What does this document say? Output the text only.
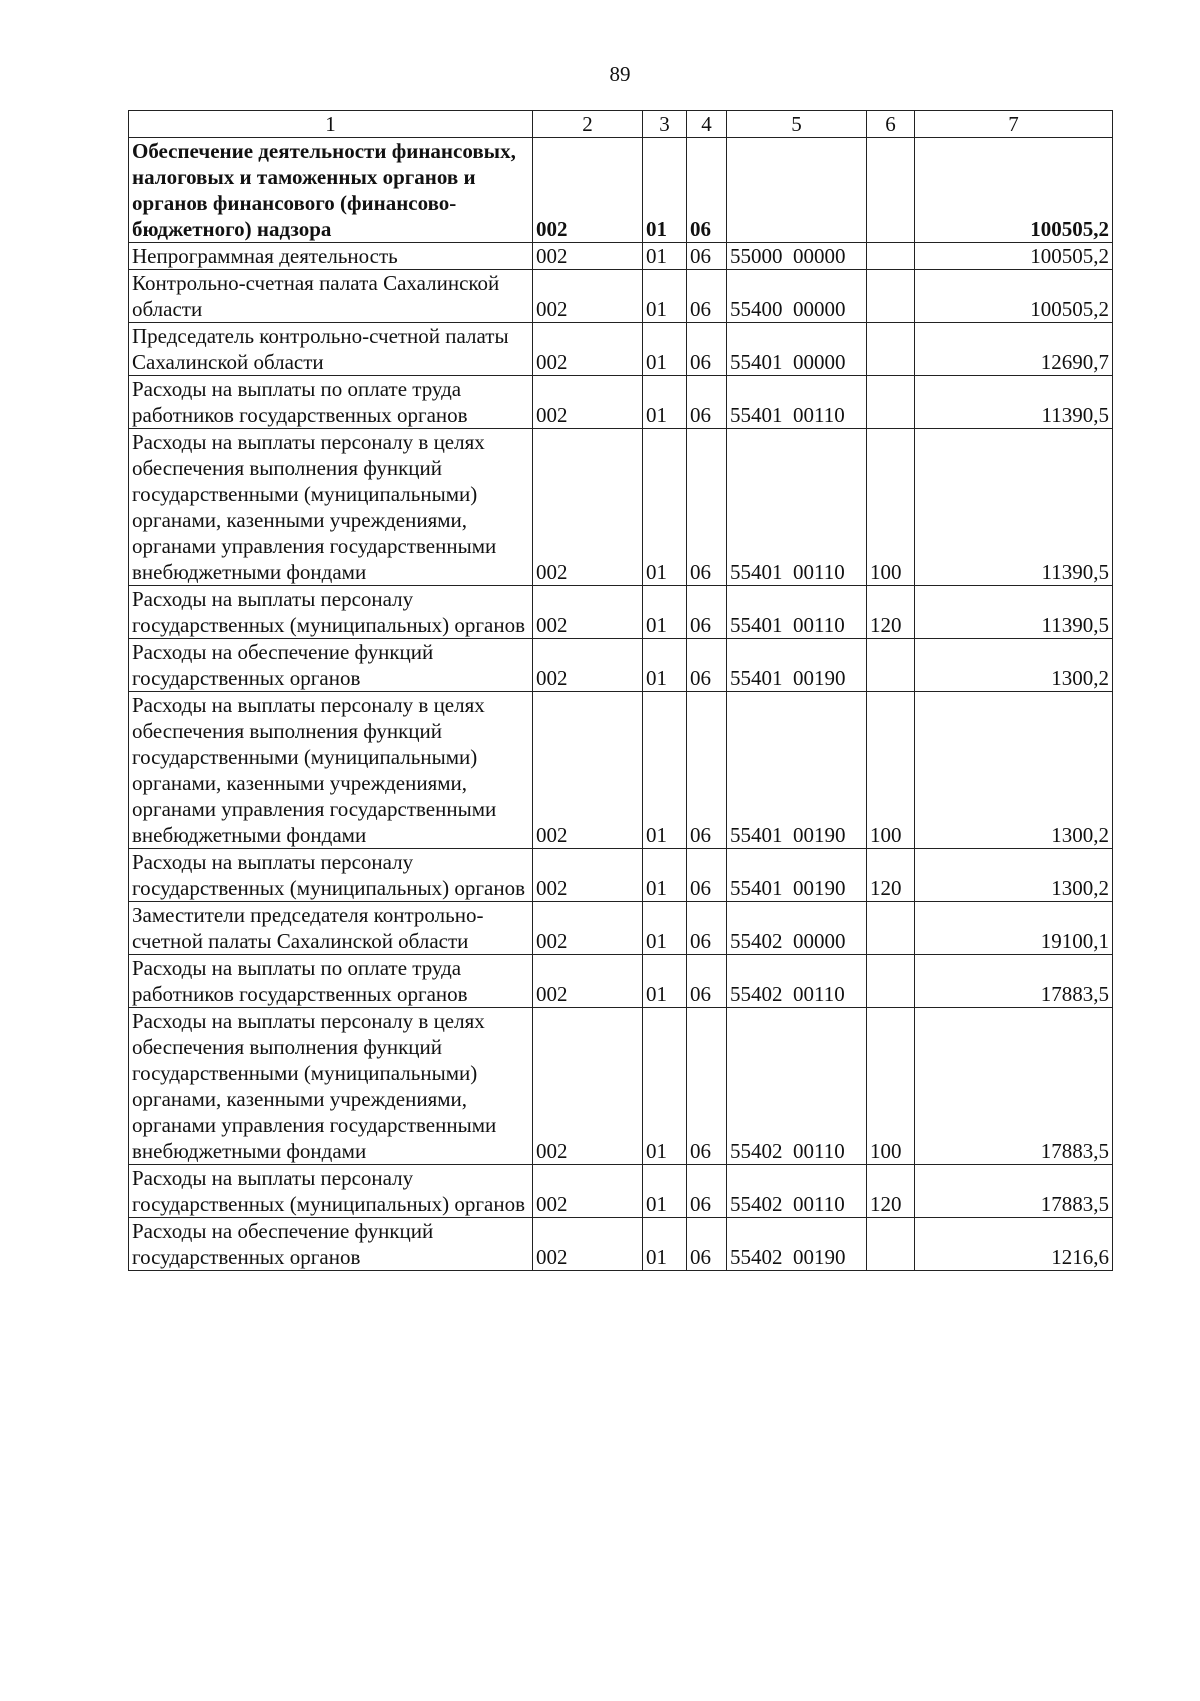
89
1	2	3	4	5	6	7
Обеспечение деятельности финансовых, налоговых и таможенных органов и органов финансового (финансово-бюджетного) надзора	002	01	06			100505,2
Непрограммная деятельность	002	01	06	55000  00000		100505,2
Контрольно-счетная палата Сахалинской области	002	01	06	55400  00000		100505,2
Председатель контрольно-счетной палаты Сахалинской области	002	01	06	55401  00000		12690,7
Расходы на выплаты по оплате труда работников государственных органов	002	01	06	55401  00110		11390,5
Расходы на выплаты персоналу в целях обеспечения выполнения функций государственными (муниципальными) органами, казенными учреждениями, органами управления государственными внебюджетными фондами	002	01	06	55401  00110	100	11390,5
Расходы на выплаты персоналу государственных (муниципальных) органов	002	01	06	55401  00110	120	11390,5
Расходы на обеспечение функций государственных органов	002	01	06	55401  00190		1300,2
Расходы на выплаты персоналу в целях обеспечения выполнения функций государственными (муниципальными) органами, казенными учреждениями, органами управления государственными внебюджетными фондами	002	01	06	55401  00190	100	1300,2
Расходы на выплаты персоналу государственных (муниципальных) органов	002	01	06	55401  00190	120	1300,2
Заместители председателя контрольно-счетной палаты Сахалинской области	002	01	06	55402  00000		19100,1
Расходы на выплаты по оплате труда работников государственных органов	002	01	06	55402  00110		17883,5
Расходы на выплаты персоналу в целях обеспечения выполнения функций государственными (муниципальными) органами, казенными учреждениями, органами управления государственными внебюджетными фондами	002	01	06	55402  00110	100	17883,5
Расходы на выплаты персоналу государственных (муниципальных) органов	002	01	06	55402  00110	120	17883,5
Расходы на обеспечение функций государственных органов	002	01	06	55402  00190		1216,6
